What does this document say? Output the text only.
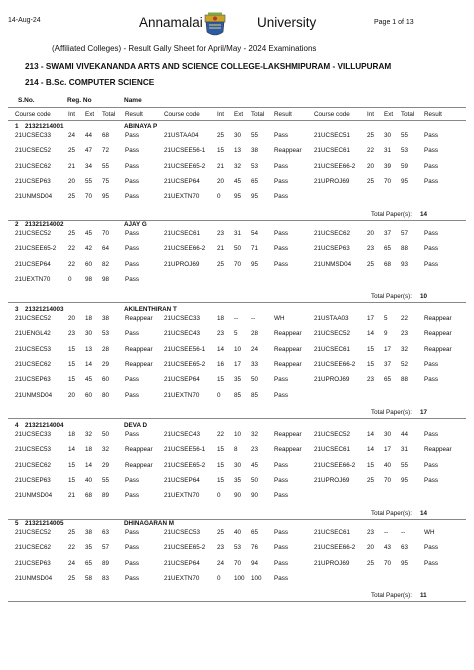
14-Aug-24	Annamalai	University	Page 1 of 13
(Affiliated Colleges) - Result Gally Sheet for April/May - 2024 Examinations
213 - SWAMI VIVEKANANDA ARTS AND SCIENCE COLLEGE-LAKSHMIPURAM - VILLUPURAM
214 - B.Sc. COMPUTER SCIENCE
S.No.	Reg. No	Name
Course code	Int Ext Total Result	Course code	Int Ext Total Result	Course code	Int Ext Total Result
1 21321214001	ABINAYA P
21UCSEC33	24 44 68	Pass	21USTAA04	25 30 55	Pass	21UCSEC51	25 30 55	Pass
21UCSEC52	25 47 72	Pass	21UCSEE56-1 15 13 38	Reappear 21UCSEC61	22 31 53	Pass
21UCSEC62	21 34 55	Pass	21UCSEE65-2 21 32 53	Pass	21UCSEE66-2 20 39 59	Pass
21UCSEP63	20 55 75	Pass	21UCSEP64	20 45 65	Pass	21UPROJ69	25 70 95	Pass
21UNMSD04	25 70 95	Pass	21UEXTN70	0 95 95	Pass
Total Paper(s): 14
2 21321214002	AJAY G
21UCSEC52	25 45 70	Pass	21UCSEC61	23 31 54	Pass	21UCSEC62	20 37 57	Pass
21UCSEE65-2 22 42 64	Pass	21UCSEE66-2 21 50 71	Pass	21UCSEP63	23 65 88	Pass
21UCSEP64	22 60 82	Pass	21UPROJ69	25 70 95	Pass	21UNMSD04	25 68 93	Pass
21UEXTN70	0 98 98	Pass
Total Paper(s): 10
3 21321214003	AKILENTHIRAN T
21UCSEC52	20 18 38	Reappear 21UCSEC33	18 -- --	WH	21USTAA03	17 5 22	Reappear
21UENGL42	23 30 53	Pass	21UCSEC43	23 5 28	Reappear 21UCSEC52	14 9 23	Reappear
21UCSEC53	15 13 28	Reappear 21UCSEE56-1 14 10 24	Reappear 21UCSEC61	15 17 32	Reappear
21UCSEC62	15 14 29	Reappear 21UCSEE65-2 16 17 33	Reappear 21UCSEE66-2 15 37 52	Pass
21UCSEP63	15 45 60	Pass	21UCSEP64	15 35 50	Pass	21UPROJ69	23 65 88	Pass
21UNMSD04	20 60 80	Pass	21UEXTN70	0 85 85	Pass
Total Paper(s): 17
4 21321214004	DEVA D
21UCSEC33	18 32 50	Pass	21UCSEC43	22 10 32	Reappear 21UCSEC52	14 30 44	Pass
21UCSEC53	14 18 32	Reappear 21UCSEE56-1 15 8 23	Reappear 21UCSEC61	14 17 31	Reappear
21UCSEC62	15 14 29	Reappear 21UCSEE65-2 15 30 45	Pass	21UCSEE66-2 15 40 55	Pass
21UCSEP63	15 40 55	Pass	21UCSEP64	15 35 50	Pass	21UPROJ69	25 70 95	Pass
21UNMSD04	21 68 89	Pass	21UEXTN70	0 90 90	Pass
Total Paper(s): 14
5 21321214005	DHINAGARAN M
21UCSEC52	25 38 63	Pass	21UCSEC53	25 40 65	Pass	21UCSEC61	23 -- --	WH
21UCSEC62	22 35 57	Pass	21UCSEE65-2 23 53 76	Pass	21UCSEE66-2 20 43 63	Pass
21UCSEP63	24 65 89	Pass	21UCSEP64	24 70 94	Pass	21UPROJ69	25 70 95	Pass
21UNMSD04	25 58 83	Pass	21UEXTN70	0 100 100 Pass
Total Paper(s): 11
